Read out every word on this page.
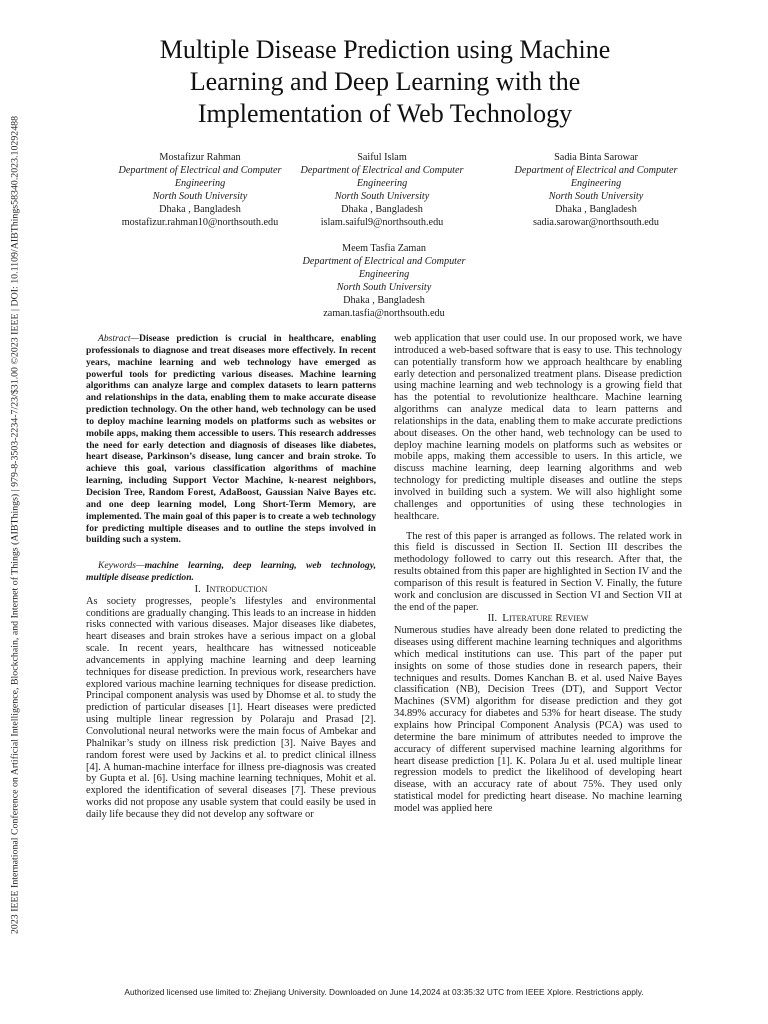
2023 IEEE International Conference on Artificial Intelligence, Blockchain, and Internet of Things (AIBThings) | 979-8-3503-2234-7/23/$31.00 ©2023 IEEE | DOI: 10.1109/AIBThings58340.2023.10292488
Multiple Disease Prediction using Machine
Learning and Deep Learning with the
Implementation of Web Technology
Mostafizur Rahman
Department of Electrical and Computer
Engineering
North South University
Dhaka , Bangladesh
mostafizur.rahman10@northsouth.edu
Saiful Islam
Department of Electrical and Computer
Engineering
North South University
Dhaka , Bangladesh
islam.saiful9@northsouth.edu
Sadia Binta Sarowar
Department of Electrical and Computer
Engineering
North South University
Dhaka , Bangladesh
sadia.sarowar@northsouth.edu
Meem Tasfia Zaman
Department of Electrical and Computer
Engineering
North South University
Dhaka , Bangladesh
zaman.tasfia@northsouth.edu

Abstract—Disease prediction is crucial in healthcare, enabling professionals to diagnose and treat diseases more effectively. In recent years, machine learning and web technology have emerged as powerful tools for predicting various diseases. Machine learning algorithms can analyze large and complex datasets to learn patterns and relationships in the data, enabling them to make accurate disease prediction technology. On the other hand, web technology can be used to deploy machine learning models on platforms such as websites or mobile apps, making them accessible to users. This research addresses the need for early detection and diagnosis of diseases like diabetes, heart disease, Parkinson’s disease, lung cancer and brain stroke. To achieve this goal, various classification algorithms of machine learning, including Support Vector Machine, k-nearest neighbors, Decision Tree, Random Forest, AdaBoost, Gaussian Naive Bayes etc. and one deep learning model, Long Short-Term Memory, are implemented. The main goal of this paper is to create a web technology for predicting multiple diseases and to outline the steps involved in building such a system.

Keywords—machine learning, deep learning, web technology, multiple disease prediction.

I. Introduction

As society progresses, people’s lifestyles and environmental conditions are gradually changing. This leads to an increase in hidden risks connected with various diseases. Major diseases like diabetes, heart diseases and brain strokes have a serious impact on a global scale. In recent years, healthcare has witnessed noticeable advancements in applying machine learning and deep learning techniques for disease prediction. In previous work, researchers have explored various machine learning techniques for disease prediction. Principal component analysis was used by Dhomse et al. to study the prediction of particular diseases [1]. Heart diseases were predicted using multiple linear regression by Polaraju and Prasad [2]. Convolutional neural networks were the main focus of Ambekar and Phalnikar’s study on illness risk prediction [3]. Naive Bayes and random forest were used by Jackins et al. to predict clinical illness [4]. A human-machine interface for illness pre-diagnosis was created by Gupta et al. [6]. Using machine learning techniques, Mohit et al. explored the identification of several diseases [7]. These previous works did not propose any usable system that could easily be used in daily life because they did not develop any software or

web application that user could use. In our proposed work, we have introduced a web-based software that is easy to use. This technology can potentially transform how we approach healthcare by enabling early detection and personalized treatment plans. Disease prediction using machine learning and web technology is a growing field that has the potential to revolutionize healthcare. Machine learning algorithms can analyze medical data to learn patterns and relationships in the data, enabling them to make accurate predictions about diseases. On the other hand, web technology can be used to deploy machine learning models on platforms such as websites or mobile apps, making them accessible to users. In this article, we discuss machine learning, deep learning algorithms and web technology for predicting multiple diseases and outline the steps involved in building such a system. We will also highlight some challenges and opportunities of using these technologies in healthcare.

The rest of this paper is arranged as follows. The related work in this field is discussed in Section II. Section III describes the methodology followed to carry out this research. After that, the results obtained from this paper are highlighted in Section IV and the comparison of this result is featured in Section V. Finally, the future work and conclusion are discussed in Section VI and Section VII at the end of the paper.

II. Literature Review

Numerous studies have already been done related to predicting the diseases using different machine learning techniques and algorithms which medical institutions can use. This part of the paper put insights on some of those studies done in research papers, their techniques and results. Domes Kanchan B. et al. used Naive Bayes classification (NB), Decision Trees (DT), and Support Vector Machines (SVM) algorithm for disease prediction and they got 34.89% accuracy for diabetes and 53% for heart disease. The study explains how Principal Component Analysis (PCA) was used to determine the bare minimum of attributes needed to improve the accuracy of different supervised machine learning algorithms for heart disease prediction [1]. K. Polara Ju et al. used multiple linear regression models to predict the likelihood of developing heart disease, with an accuracy rate of about 75%. They used only statistical model for predicting heart disease. No machine learning model was applied here

Authorized licensed use limited to: Zhejiang University. Downloaded on June 14,2024 at 03:35:32 UTC from IEEE Xplore. Restrictions apply.
